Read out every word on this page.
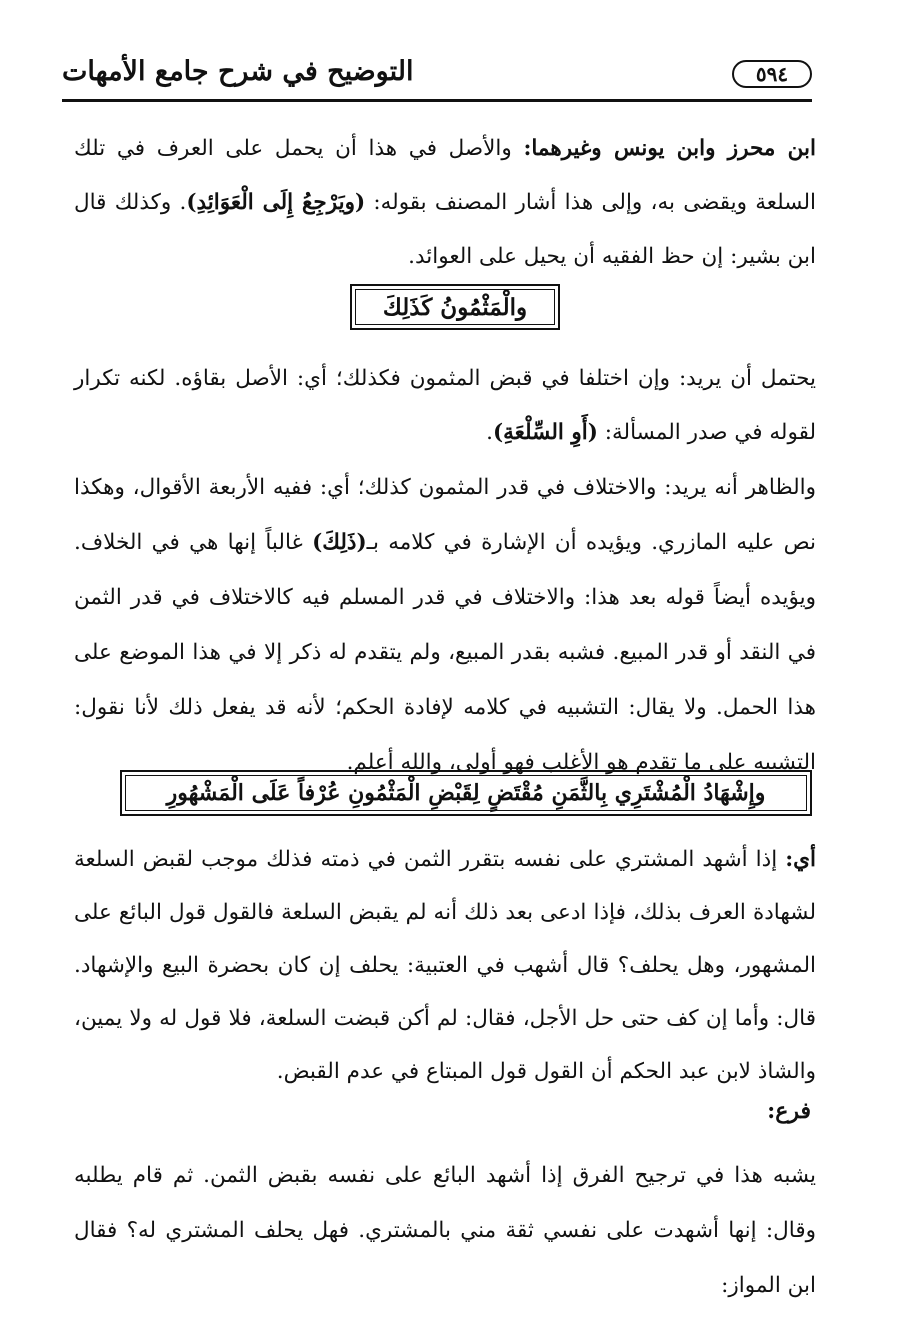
٥٩٤
التوضيح في شرح جامع الأمهات

ابن محرز وابن يونس وغيرهما: والأصل في هذا أن يحمل على العرف في تلك السلعة ويقضى به، وإلى هذا أشار المصنف بقوله: (ويَرْجِعُ إِلَى الْعَوَائِدِ). وكذلك قال ابن بشير: إن حظ الفقيه أن يحيل على العوائد.

والْمَثْمُونُ كَذَلِكَ

يحتمل أن يريد: وإن اختلفا في قبض المثمون فكذلك؛ أي: الأصل بقاؤه. لكنه تكرار لقوله في صدر المسألة: (أَوِ السِّلْعَةِ).

والظاهر أنه يريد: والاختلاف في قدر المثمون كذلك؛ أي: ففيه الأربعة الأقوال، وهكذا نص عليه المازري. ويؤيده أن الإشارة في كلامه بـ(ذَلِكَ) غالباً إنها هي في الخلاف. ويؤيده أيضاً قوله بعد هذا: والاختلاف في قدر المسلم فيه كالاختلاف في قدر الثمن في النقد أو قدر المبيع. فشبه بقدر المبيع، ولم يتقدم له ذكر إلا في هذا الموضع على هذا الحمل. ولا يقال: التشبيه في كلامه لإفادة الحكم؛ لأنه قد يفعل ذلك لأنا نقول: التشبيه على ما تقدم هو الأغلب فهو أولى، والله أعلم.

وإِشْهَادُ الْمُشْتَرِي بِالثَّمَنِ مُقْتَضٍ لِقَبْضِ الْمَثْمُونِ عُرْفاً عَلَى الْمَشْهُورِ

أي: إذا أشهد المشتري على نفسه بتقرر الثمن في ذمته فذلك موجب لقبض السلعة لشهادة العرف بذلك، فإذا ادعى بعد ذلك أنه لم يقبض السلعة فالقول قول البائع على المشهور، وهل يحلف؟ قال أشهب في العتبية: يحلف إن كان بحضرة البيع والإشهاد. قال: وأما إن كف حتى حل الأجل، فقال: لم أكن قبضت السلعة، فلا قول له ولا يمين، والشاذ لابن عبد الحكم أن القول قول المبتاع في عدم القبض.

فرع:

يشبه هذا في ترجيح الفرق إذا أشهد البائع على نفسه بقبض الثمن. ثم قام يطلبه وقال: إنها أشهدت على نفسي ثقة مني بالمشتري. فهل يحلف المشتري له؟ فقال ابن المواز:
